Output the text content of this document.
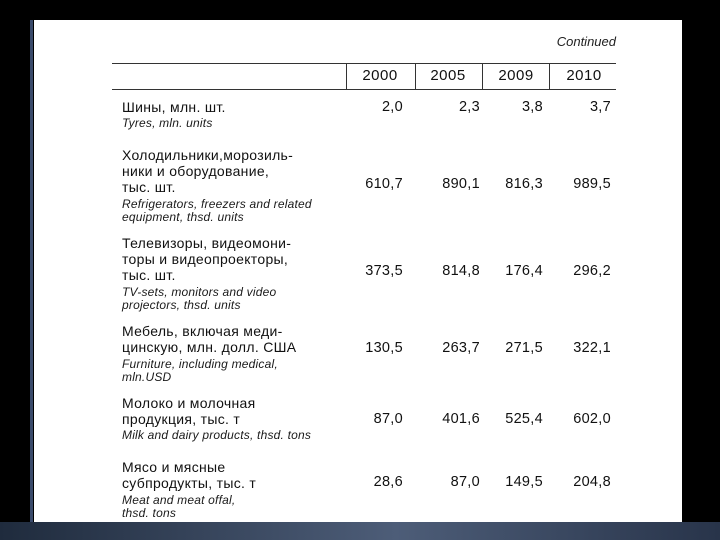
Continued
2000	2005	2009	2010
Шины, млн. шт.
Tyres, mln. units
2,0	2,3	3,8	3,7
Холодильники,морозиль-
ники и оборудование,
тыс. шт.
Refrigerators, freezers and related
equipment, thsd. units
610,7	890,1	816,3	989,5
Телевизоры, видеомони-
торы и видеопроекторы,
тыс. шт.
TV-sets, monitors and video
projectors, thsd. units
373,5	814,8	176,4	296,2
Мебель, включая меди-
цинскую, млн. долл. США
Furniture, including medical,
mln.USD
130,5	263,7	271,5	322,1
Молоко и молочная
продукция, тыс. т
Milk and dairy products, thsd. tons
87,0	401,6	525,4	602,0
Мясо и мясные
субпродукты, тыс. т
Meat and meat offal,
thsd. tons
28,6	87,0	149,5	204,8
